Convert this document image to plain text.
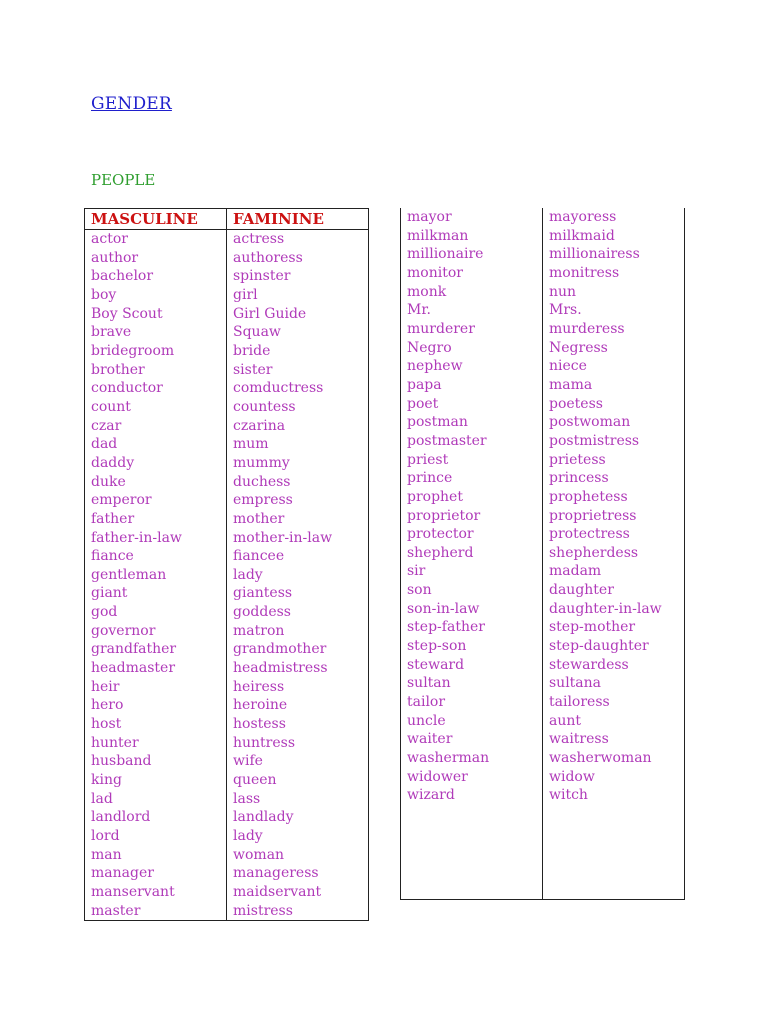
GENDER
PEOPLE
MASCULINE	FAMININE
actor	actress
author	authoress
bachelor	spinster
boy	girl
Boy Scout	Girl Guide
brave	Squaw
bridegroom	bride
brother	sister
conductor	comductress
count	countess
czar	czarina
dad	mum
daddy	mummy
duke	duchess
emperor	empress
father	mother
father-in-law	mother-in-law
fiance	fiancee
gentleman	lady
giant	giantess
god	goddess
governor	matron
grandfather	grandmother
headmaster	headmistress
heir	heiress
hero	heroine
host	hostess
hunter	huntress
husband	wife
king	queen
lad	lass
landlord	landlady
lord	lady
man	woman
manager	manageress
manservant	maidservant
master	mistress
mayor	mayoress
milkman	milkmaid
millionaire	millionairess
monitor	monitress
monk	nun
Mr.	Mrs.
murderer	murderess
Negro	Negress
nephew	niece
papa	mama
poet	poetess
postman	postwoman
postmaster	postmistress
priest	prietess
prince	princess
prophet	prophetess
proprietor	proprietress
protector	protectress
shepherd	shepherdess
sir	madam
son	daughter
son-in-law	daughter-in-law
step-father	step-mother
step-son	step-daughter
steward	stewardess
sultan	sultana
tailor	tailoress
uncle	aunt
waiter	waitress
washerman	washerwoman
widower	widow
wizard	witch
